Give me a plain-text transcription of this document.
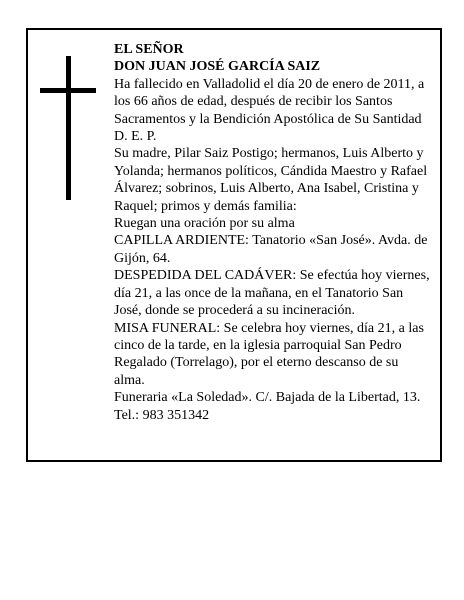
EL SEÑOR

DON JUAN JOSÉ GARCÍA SAIZ

Ha fallecido en Valladolid el día 20 de enero de 2011, a los 66 años de edad, después de recibir los Santos Sacramentos y la Bendición Apostólica de Su Santidad D. E. P.

Su madre, Pilar Saiz Postigo; hermanos, Luis Alberto y Yolanda; hermanos políticos, Cándida Maestro y Rafael Álvarez; sobrinos, Luis Alberto, Ana Isabel, Cristina y Raquel; primos y demás familia:

Ruegan una oración por su alma

CAPILLA ARDIENTE: Tanatorio «San José». Avda. de Gijón, 64.

DESPEDIDA DEL CADÁVER: Se efectúa hoy viernes, día 21, a las once de la mañana, en el Tanatorio San José, donde se procederá a su incineración.

MISA FUNERAL: Se celebra hoy viernes, día 21, a las cinco de la tarde, en la iglesia parroquial San Pedro Regalado (Torrelago), por el eterno descanso de su alma.

Funeraria «La Soledad». C/. Bajada de la Libertad, 13. Tel.: 983 351342
